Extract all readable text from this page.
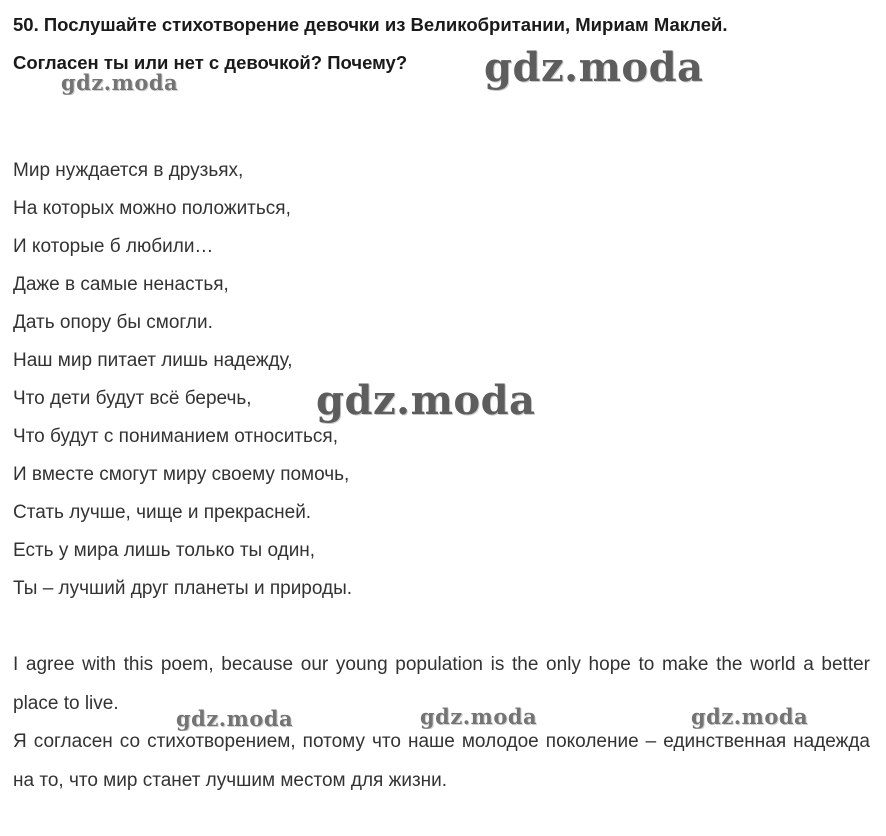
50. Послушайте стихотворение девочки из Великобритании, Мириам Маклей.
Согласен ты или нет с девочкой? Почему?
Мир нуждается в друзьях,
На которых можно положиться,
И которые б любили…
Даже в самые ненастья,
Дать опору бы смогли.
Наш мир питает лишь надежду,
Что дети будут всё беречь,
Что будут с пониманием относиться,
И вместе смогут миру своему помочь,
Стать лучше, чище и прекрасней.
Есть у мира лишь только ты один,
Ты – лучший друг планеты и природы.

I agree with this poem, because our young population is the only hope to make the world a better place to live.

Я согласен со стихотворением, потому что наше молодое поколение – единственная надежда на то, что мир станет лучшим местом для жизни.

gdz.moda
gdz.moda
gdz.moda
gdz.moda	gdz.moda	gdz.moda
